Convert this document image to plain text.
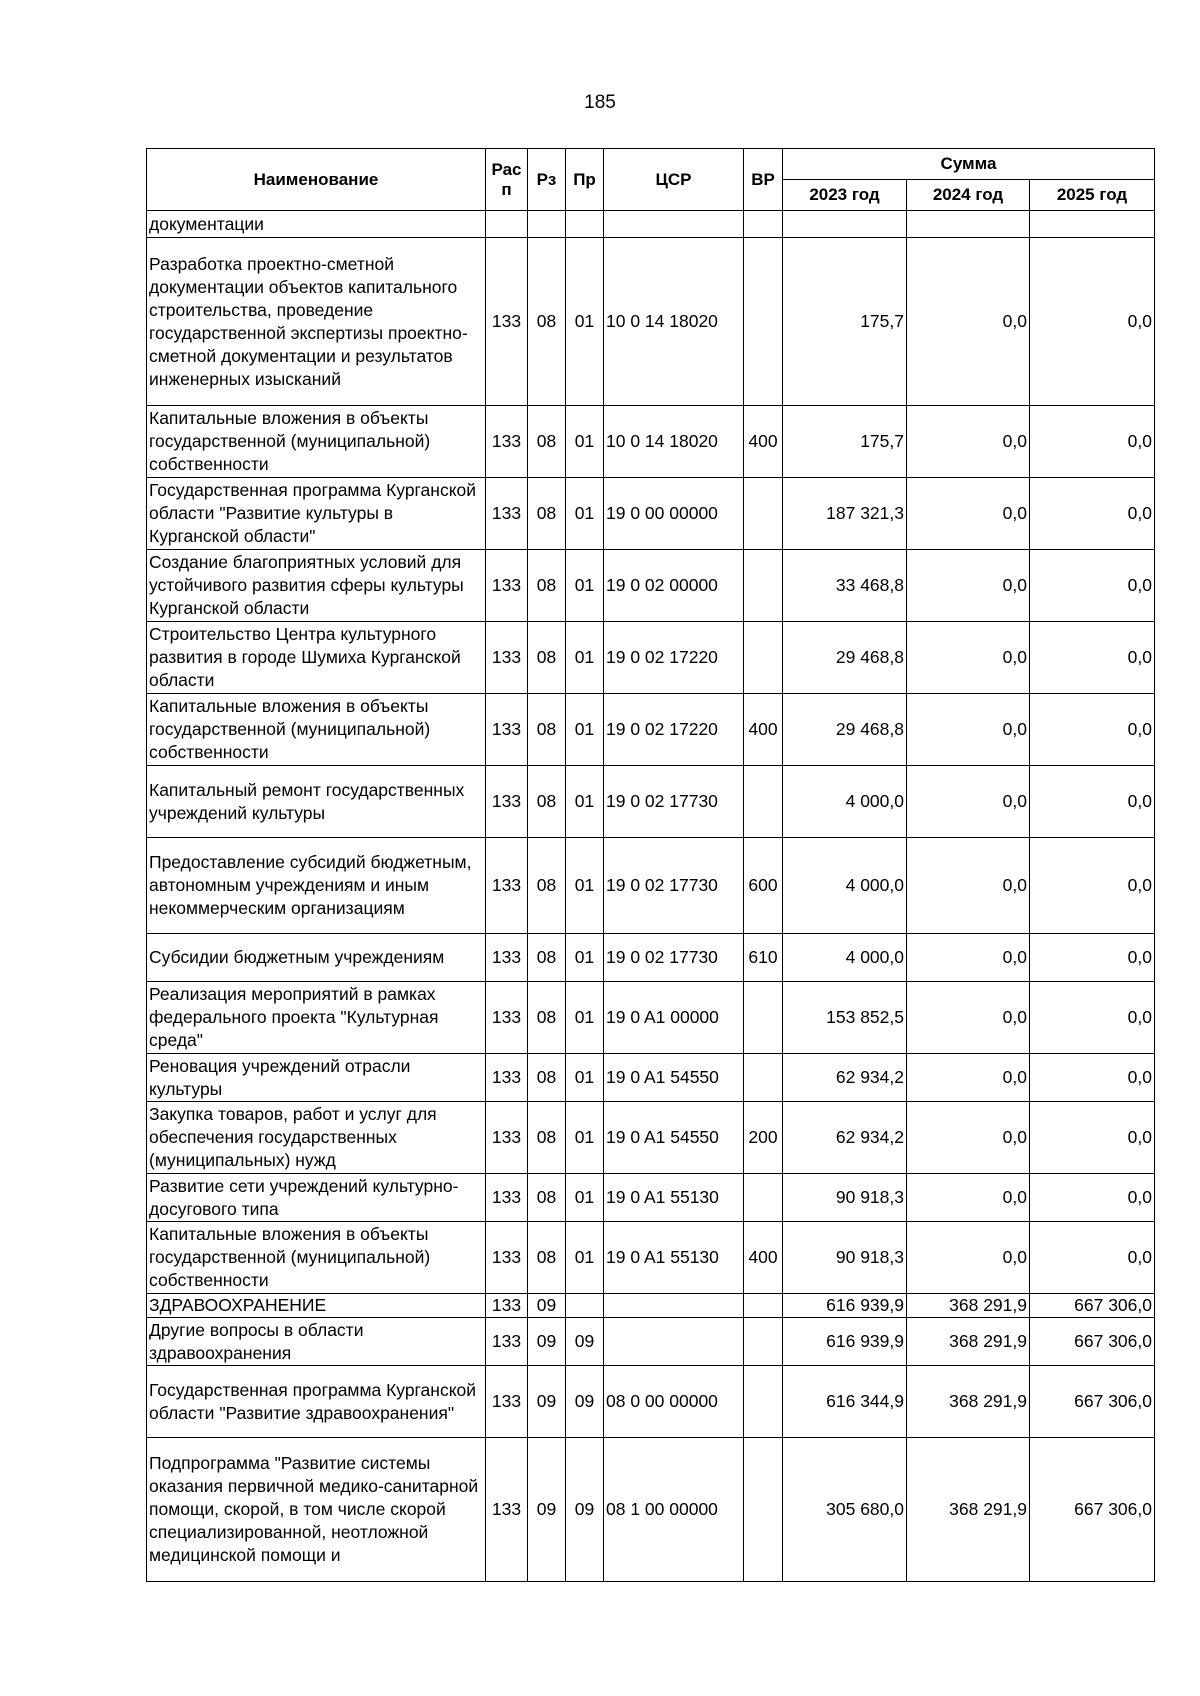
185
Наименование	Рас п	Рз	Пр	ЦСР	ВР	Сумма		
						2023 год	2024 год	2025 год
документации								
Разработка проектно-сметной документации объектов капитального строительства, проведение государственной экспертизы проектно-сметной документации и результатов инженерных изысканий	133	08	01	10 0 14 18020		175,7	0,0	0,0
Капитальные вложения в объекты государственной (муниципальной) собственности	133	08	01	10 0 14 18020	400	175,7	0,0	0,0
Государственная программа Курганской области "Развитие культуры в Курганской области"	133	08	01	19 0 00 00000		187 321,3	0,0	0,0
Создание благоприятных условий для устойчивого развития сферы культуры Курганской области	133	08	01	19 0 02 00000		33 468,8	0,0	0,0
Строительство Центра культурного развития в городе Шумиха Курганской области	133	08	01	19 0 02 17220		29 468,8	0,0	0,0
Капитальные вложения в объекты государственной (муниципальной) собственности	133	08	01	19 0 02 17220	400	29 468,8	0,0	0,0
Капитальный ремонт государственных учреждений культуры	133	08	01	19 0 02 17730		4 000,0	0,0	0,0
Предоставление субсидий бюджетным, автономным учреждениям и иным некоммерческим организациям	133	08	01	19 0 02 17730	600	4 000,0	0,0	0,0
Субсидии бюджетным учреждениям	133	08	01	19 0 02 17730	610	4 000,0	0,0	0,0
Реализация мероприятий в рамках федерального проекта "Культурная среда"	133	08	01	19 0 A1 00000		153 852,5	0,0	0,0
Реновация учреждений отрасли культуры	133	08	01	19 0 A1 54550		62 934,2	0,0	0,0
Закупка товаров, работ и услуг для обеспечения государственных (муниципальных) нужд	133	08	01	19 0 A1 54550	200	62 934,2	0,0	0,0
Развитие сети учреждений культурно-досугового типа	133	08	01	19 0 A1 55130		90 918,3	0,0	0,0
Капитальные вложения в объекты государственной (муниципальной) собственности	133	08	01	19 0 A1 55130	400	90 918,3	0,0	0,0
ЗДРАВООХРАНЕНИЕ	133	09				616 939,9	368 291,9	667 306,0
Другие вопросы в области здравоохранения	133	09	09			616 939,9	368 291,9	667 306,0
Государственная программа Курганской области "Развитие здравоохранения"	133	09	09	08 0 00 00000		616 344,9	368 291,9	667 306,0
Подпрограмма "Развитие системы оказания первичной медико-санитарной помощи, скорой, в том числе скорой специализированной, неотложной медицинской помощи и	133	09	09	08 1 00 00000		305 680,0	368 291,9	667 306,0
